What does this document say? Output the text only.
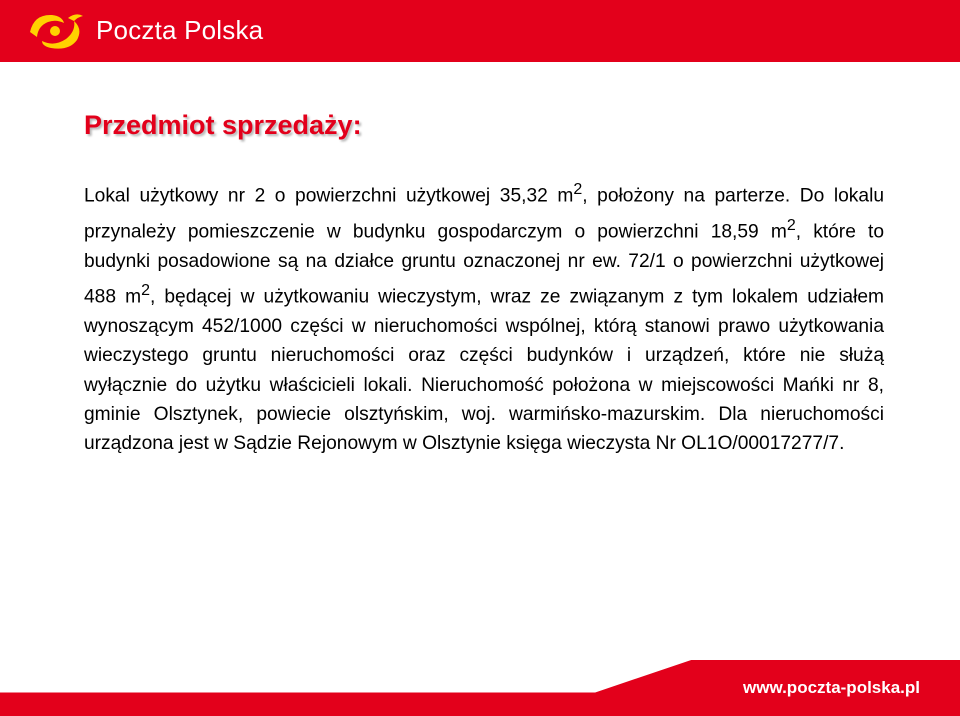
Poczta Polska
Przedmiot sprzedaży:

Lokal użytkowy nr 2 o powierzchni użytkowej 35,32 $m^2$, położony na parterze. Do lokalu przynależy pomieszczenie w budynku gospodarczym o powierzchni 18,59 $m^2$, które to budynki posadowione są na działce gruntu oznaczonej nr ew. 72/1 o powierzchni użytkowej 488 $m^2$, będącej w użytkowaniu wieczystym, wraz ze związanym z tym lokalem udziałem wynoszącym 452/1000 części w nieruchomości wspólnej, którą stanowi prawo użytkowania wieczystego gruntu nieruchomości oraz części budynków i urządzeń, które nie służą wyłącznie do użytku właścicieli lokali. Nieruchomość położona w miejscowości Mańki nr 8, gminie Olsztynek, powiecie olsztyńskim, woj. warmińsko-mazurskim. Dla nieruchomości urządzona jest w Sądzie Rejonowym w Olsztynie księga wieczysta Nr OL1O/00017277/7.

www.poczta-polska.pl
